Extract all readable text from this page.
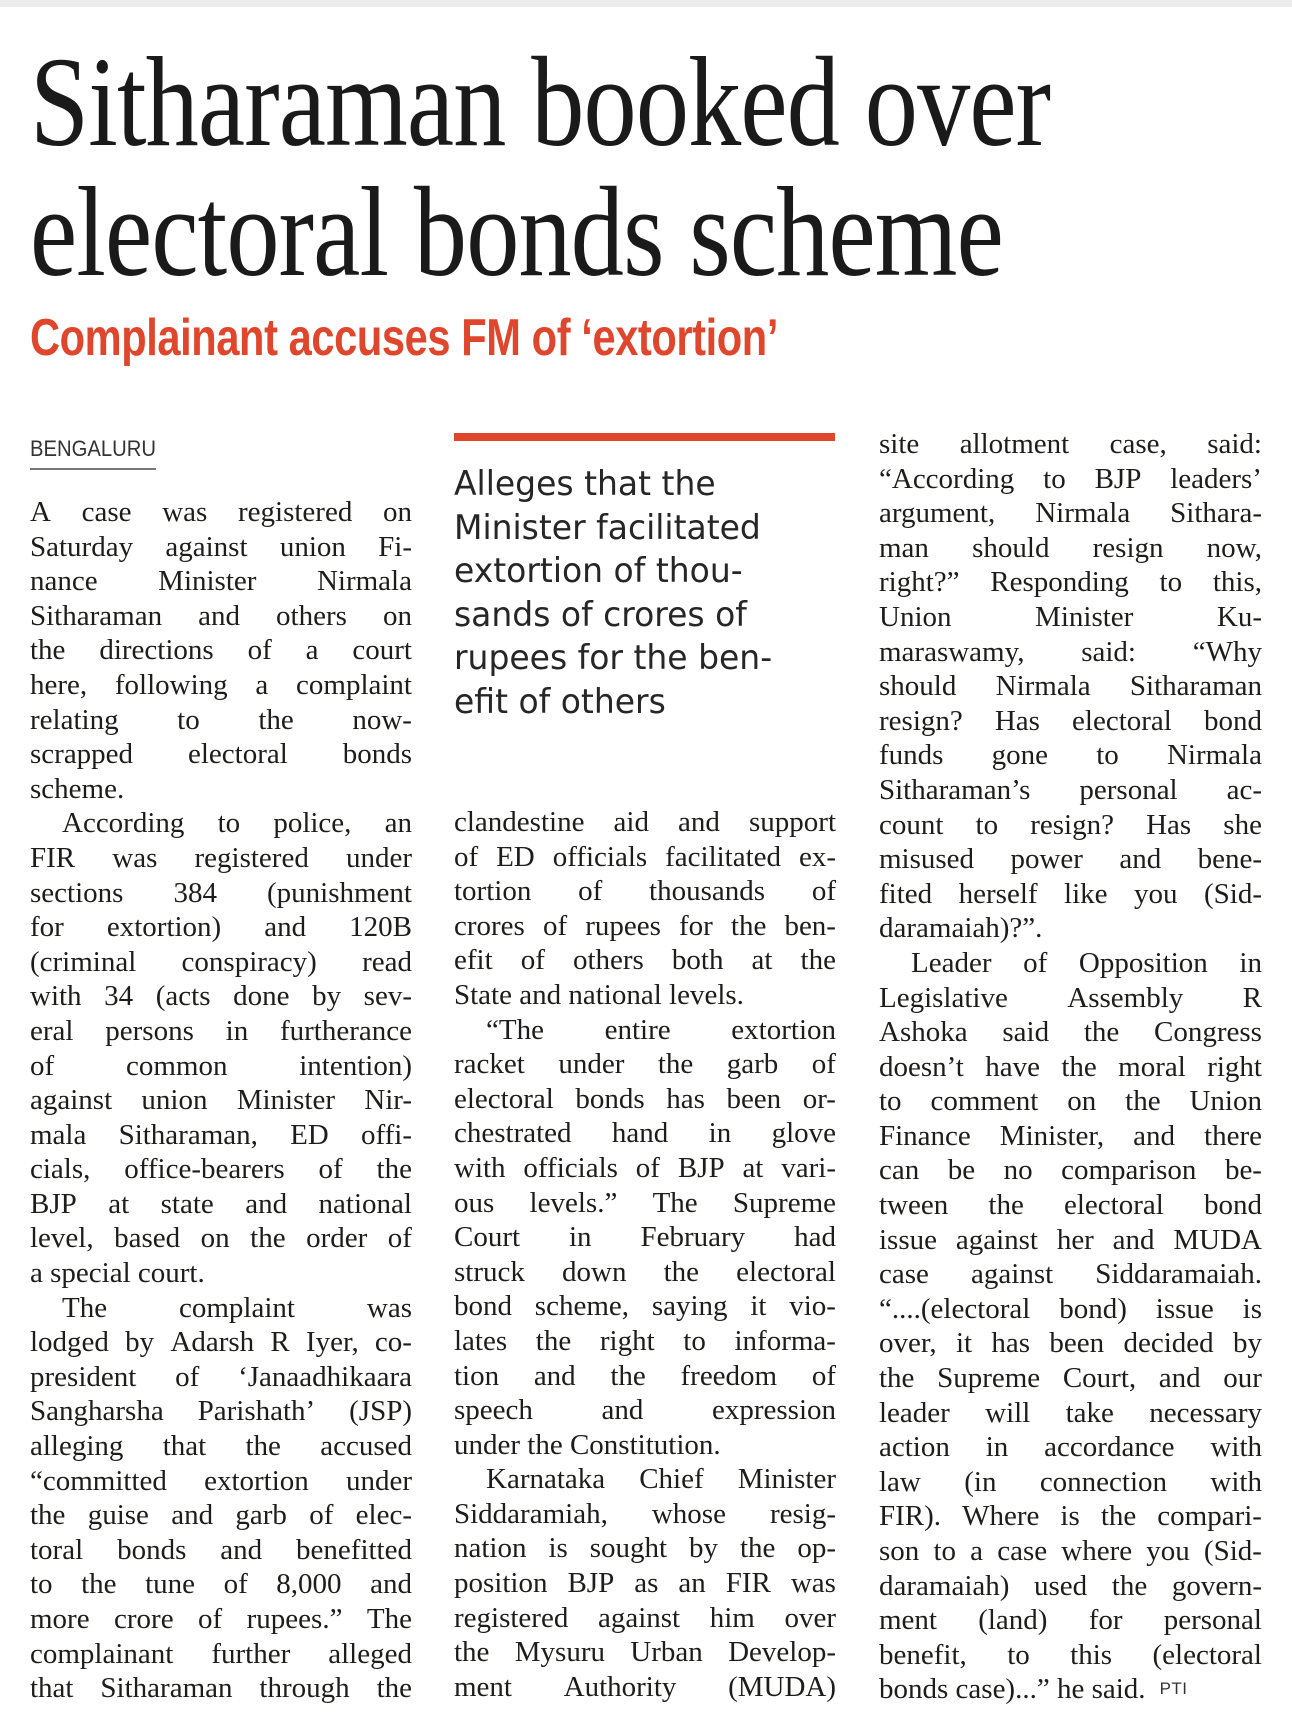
Sitharaman booked over
electoral bonds scheme
Complainant accuses FM of ‘extortion’
BENGALURU
Alleges that the
Minister facilitated
extortion of thou-
sands of crores of
rupees for the ben-
efit of others
A case was registered on
Saturday against union Fi-
nance Minister Nirmala
Sitharaman and others on
the directions of a court
here, following a complaint
relating to the now-
scrapped electoral bonds
scheme.
According to police, an
FIR was registered under
sections 384 (punishment
for extortion) and 120B
(criminal conspiracy) read
with 34 (acts done by sev-
eral persons in furtherance
of common intention)
against union Minister Nir-
mala Sitharaman, ED offi-
cials, office-bearers of the
BJP at state and national
level, based on the order of
a special court.
The complaint was
lodged by Adarsh R Iyer, co-
president of ‘Janaadhikaara
Sangharsha Parishath’ (JSP)
alleging that the accused
“committed extortion under
the guise and garb of elec-
toral bonds and benefitted
to the tune of 8,000 and
more crore of rupees.” The
complainant further alleged
that Sitharaman through the
clandestine aid and support
of ED officials facilitated ex-
tortion of thousands of
crores of rupees for the ben-
efit of others both at the
State and national levels.
“The entire extortion
racket under the garb of
electoral bonds has been or-
chestrated hand in glove
with officials of BJP at vari-
ous levels.” The Supreme
Court in February had
struck down the electoral
bond scheme, saying it vio-
lates the right to informa-
tion and the freedom of
speech and expression
under the Constitution.
Karnataka Chief Minister
Siddaramiah, whose resig-
nation is sought by the op-
position BJP as an FIR was
registered against him over
the Mysuru Urban Develop-
ment Authority (MUDA)
site allotment case, said:
“According to BJP leaders’
argument, Nirmala Sithara-
man should resign now,
right?” Responding to this,
Union	Minister	Ku-
maraswamy, said: “Why
should Nirmala Sitharaman
resign? Has electoral bond
funds gone to Nirmala
Sitharaman’s personal ac-
count to resign? Has she
misused power and bene-
fited herself like you (Sid-
daramaiah)?”.
Leader of Opposition in
Legislative Assembly R
Ashoka said the Congress
doesn’t have the moral right
to comment on the Union
Finance Minister, and there
can be no comparison be-
tween the electoral bond
issue against her and MUDA
case against Siddaramaiah.
“....(electoral bond) issue is
over, it has been decided by
the Supreme Court, and our
leader will take necessary
action in accordance with
law (in connection with
FIR). Where is the compari-
son to a case where you (Sid-
daramaiah) used the govern-
ment (land) for personal
benefit, to this (electoral
bonds case)...” he said. PTI
